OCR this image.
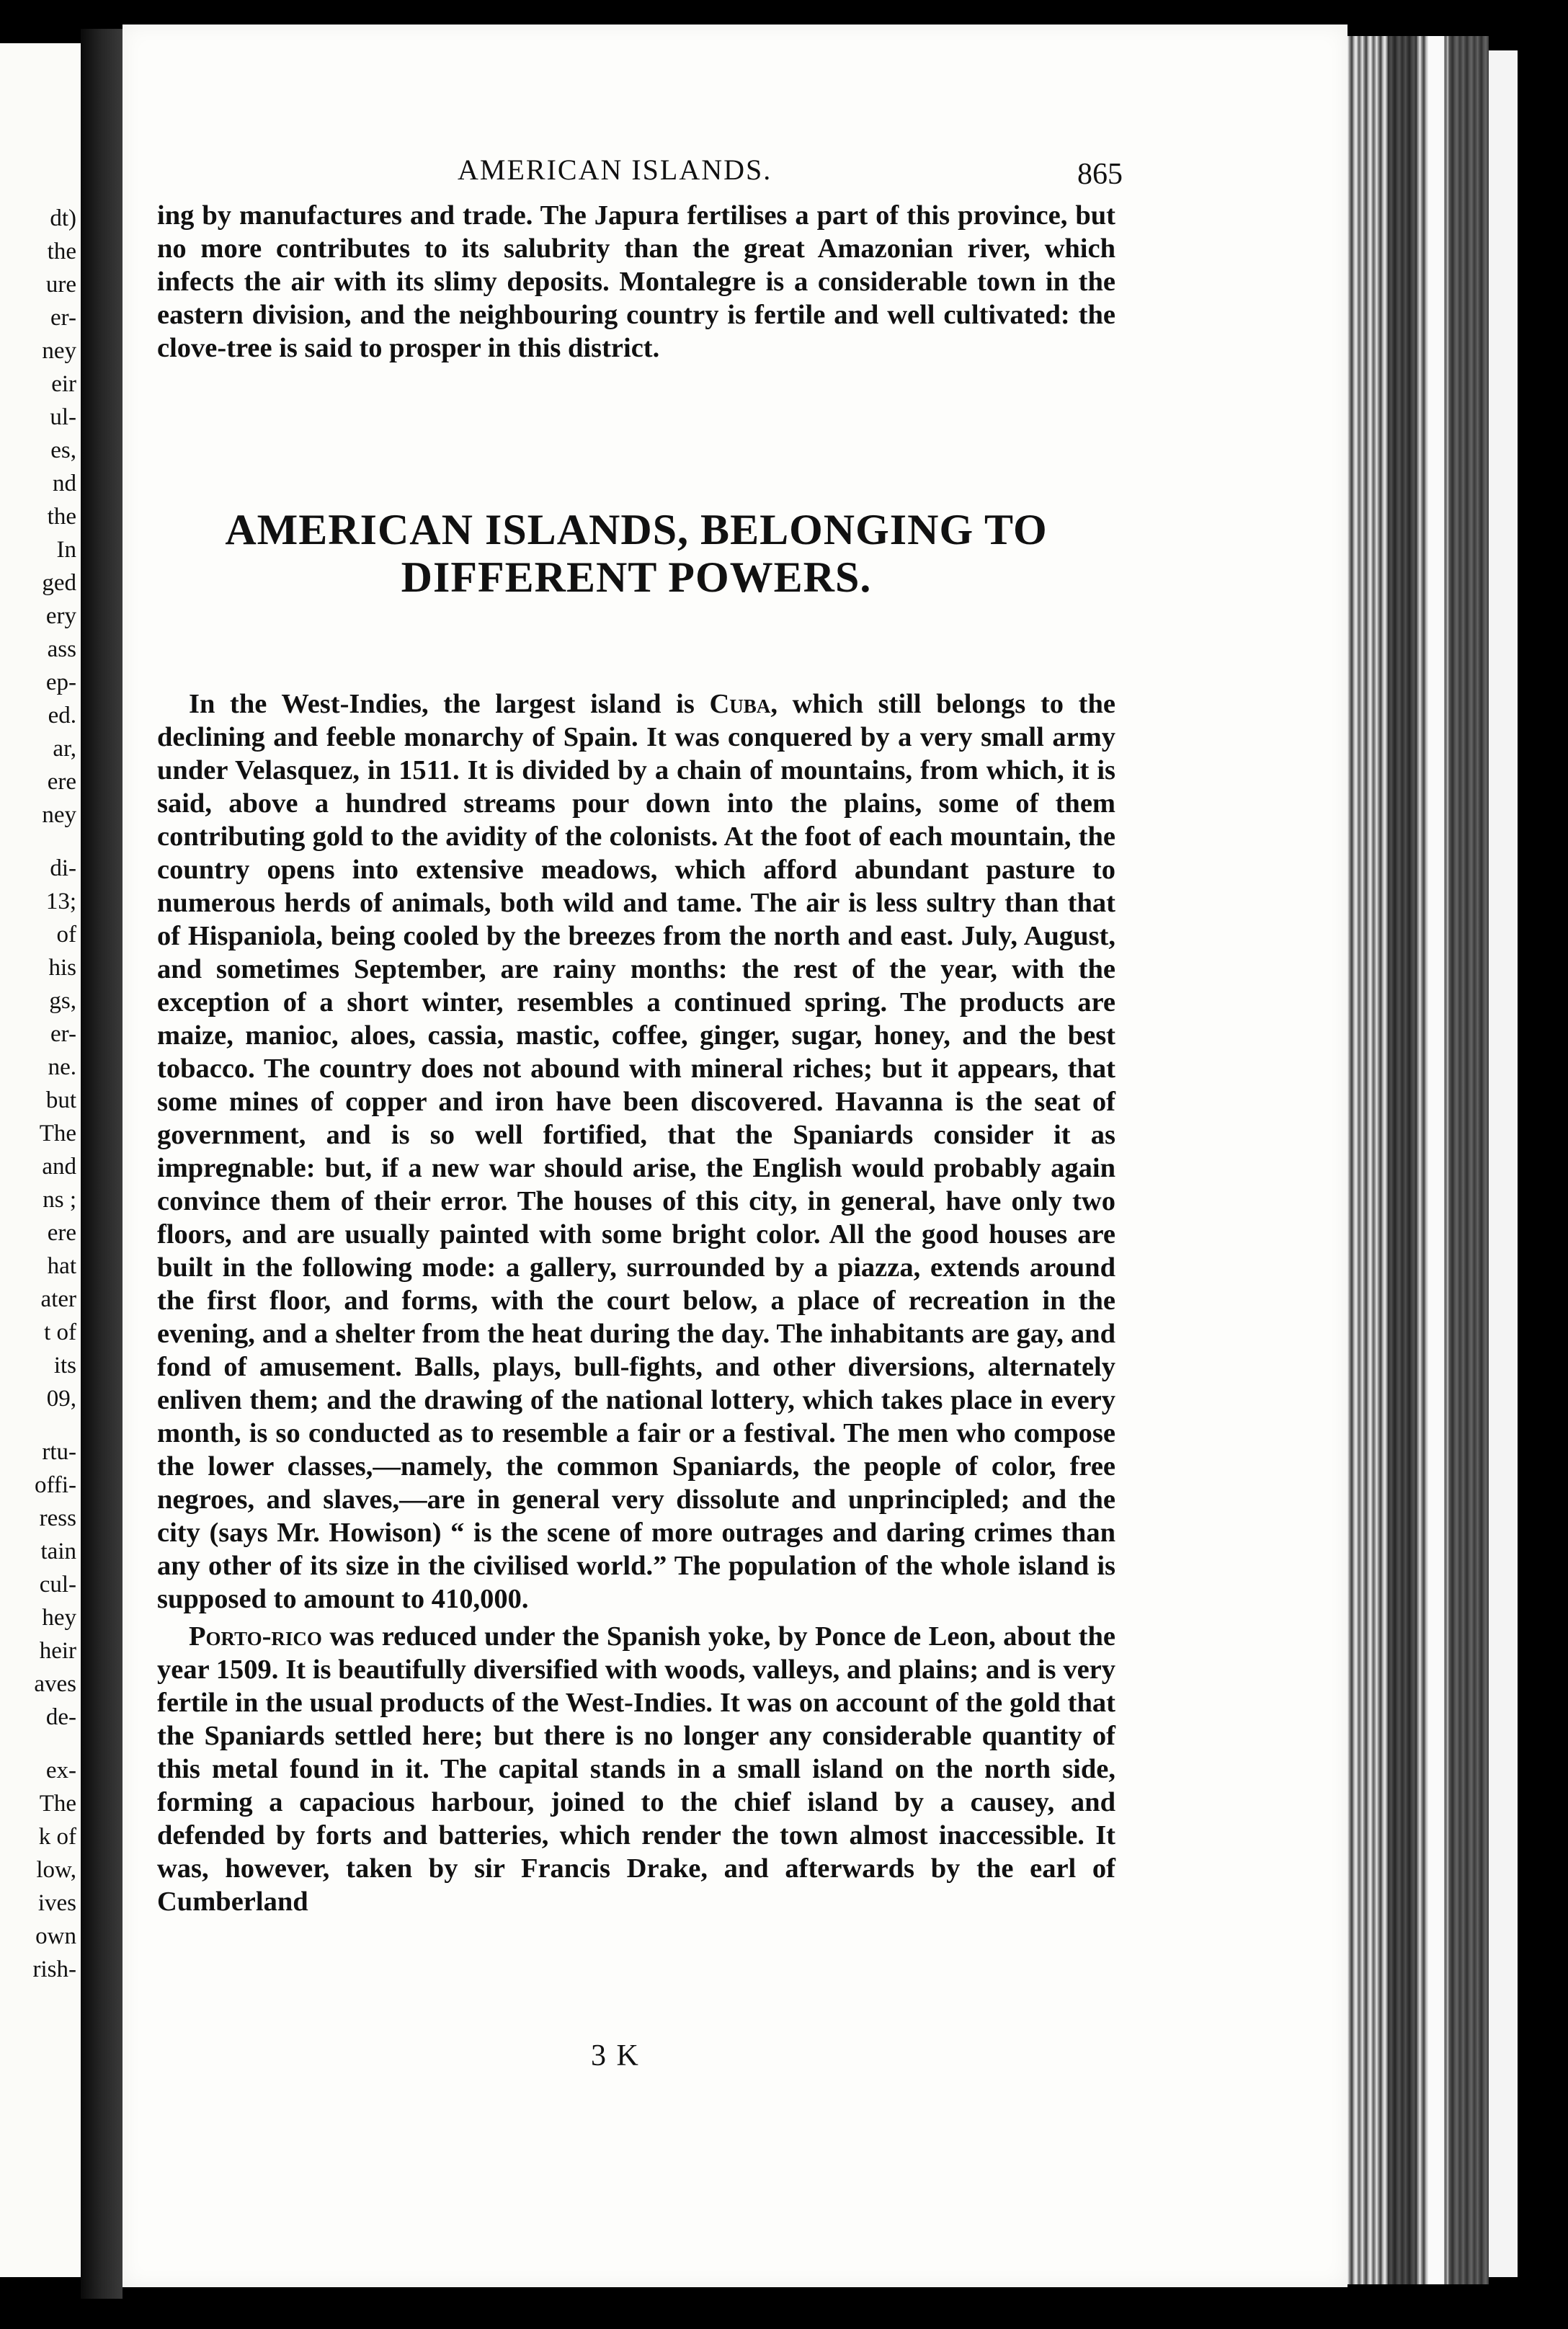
dt)
the
ure
er-
ney
eir
ul-
es,
nd
the
In
ged
ery
ass
ep-
ed.
ar,
ere
ney
di-
13;
of
his
gs,
er-
ne.
but
The
and
ns ;
ere
hat
ater
t of
its
09,
rtu-
offi-
ress
tain
cul-
hey
heir
aves
de-
ex-
The
k of
low,
ives
own
rish-
AMERICAN ISLANDS.	865

ing by manufactures and trade. The Japura fertilises a part of this province, but no more contributes to its salubrity than the great Amazonian river, which infects the air with its slimy deposits. Montalegre is a considerable town in the eastern division, and the neighbouring country is fertile and well cultivated: the clove-tree is said to prosper in this district.

AMERICAN ISLANDS, BELONGING TO
DIFFERENT POWERS.

In the West-Indies, the largest island is Cuba, which still belongs to the declining and feeble monarchy of Spain. It was conquered by a very small army under Velasquez, in 1511. It is divided by a chain of mountains, from which, it is said, above a hundred streams pour down into the plains, some of them contributing gold to the avidity of the colonists. At the foot of each mountain, the country opens into extensive meadows, which afford abundant pasture to numerous herds of animals, both wild and tame. The air is less sultry than that of Hispaniola, being cooled by the breezes from the north and east. July, August, and sometimes September, are rainy months: the rest of the year, with the exception of a short winter, resembles a continued spring. The products are maize, manioc, aloes, cassia, mastic, coffee, ginger, sugar, honey, and the best tobacco. The country does not abound with mineral riches; but it appears, that some mines of copper and iron have been discovered. Havanna is the seat of government, and is so well fortified, that the Spaniards consider it as impregnable: but, if a new war should arise, the English would probably again convince them of their error. The houses of this city, in general, have only two floors, and are usually painted with some bright color. All the good houses are built in the following mode: a gallery, surrounded by a piazza, extends around the first floor, and forms, with the court below, a place of recreation in the evening, and a shelter from the heat during the day. The inhabitants are gay, and fond of amusement. Balls, plays, bull-fights, and other diversions, alternately enliven them; and the drawing of the national lottery, which takes place in every month, is so conducted as to resemble a fair or a festival. The men who compose the lower classes,—namely, the common Spaniards, the people of color, free negroes, and slaves,—are in general very dissolute and unprincipled; and the city (says Mr. Howison) “ is the scene of more outrages and daring crimes than any other of its size in the civilised world.” The population of the whole island is supposed to amount to 410,000.

Porto-rico was reduced under the Spanish yoke, by Ponce de Leon, about the year 1509. It is beautifully diversified with woods, valleys, and plains; and is very fertile in the usual products of the West-Indies. It was on account of the gold that the Spaniards settled here; but there is no longer any considerable quantity of this metal found in it. The capital stands in a small island on the north side, forming a capacious harbour, joined to the chief island by a causey, and defended by forts and batteries, which render the town almost inaccessible. It was, however, taken by sir Francis Drake, and afterwards by the earl of Cumberland

3 K
